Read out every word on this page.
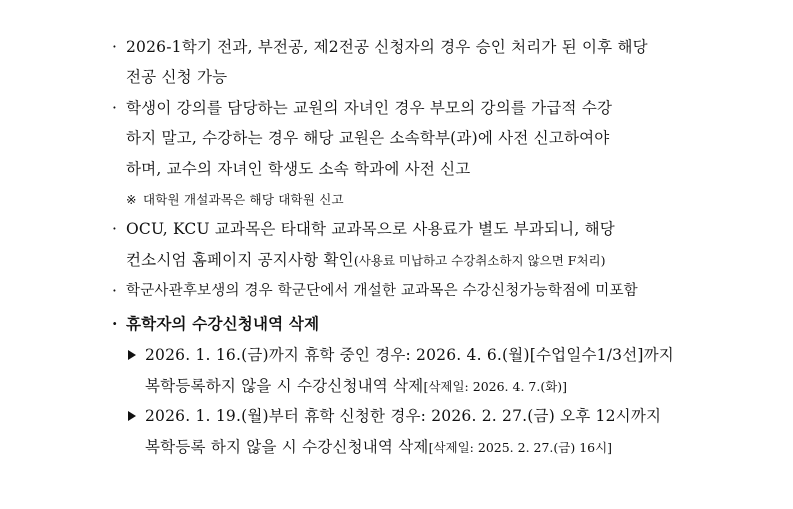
· 2026-1학기 전과, 부전공, 제2전공 신청자의 경우 승인 처리가 된 이후 해당
전공 신청 가능
· 학생이 강의를 담당하는 교원의 자녀인 경우 부모의 강의를 가급적 수강
하지 말고, 수강하는 경우 해당 교원은 소속학부(과)에 사전 신고하여야
하며, 교수의 자녀인 학생도 소속 학과에 사전 신고
※ 대학원 개설과목은 해당 대학원 신고
· OCU, KCU 교과목은 타대학 교과목으로 사용료가 별도 부과되니, 해당
컨소시엄 홈페이지 공지사항 확인(사용료 미납하고 수강취소하지 않으면 F처리)
· 학군사관후보생의 경우 학군단에서 개설한 교과목은 수강신청가능학점에 미포함
· 휴학자의 수강신청내역 삭제
2026. 1. 16.(금)까지 휴학 중인 경우: 2026. 4. 6.(월)[수업일수1/3선]까지
복학등록하지 않을 시 수강신청내역 삭제[삭제일: 2026. 4. 7.(화)]
2026. 1. 19.(월)부터 휴학 신청한 경우: 2026. 2. 27.(금) 오후 12시까지
복학등록 하지 않을 시 수강신청내역 삭제[삭제일: 2025. 2. 27.(금) 16시]
